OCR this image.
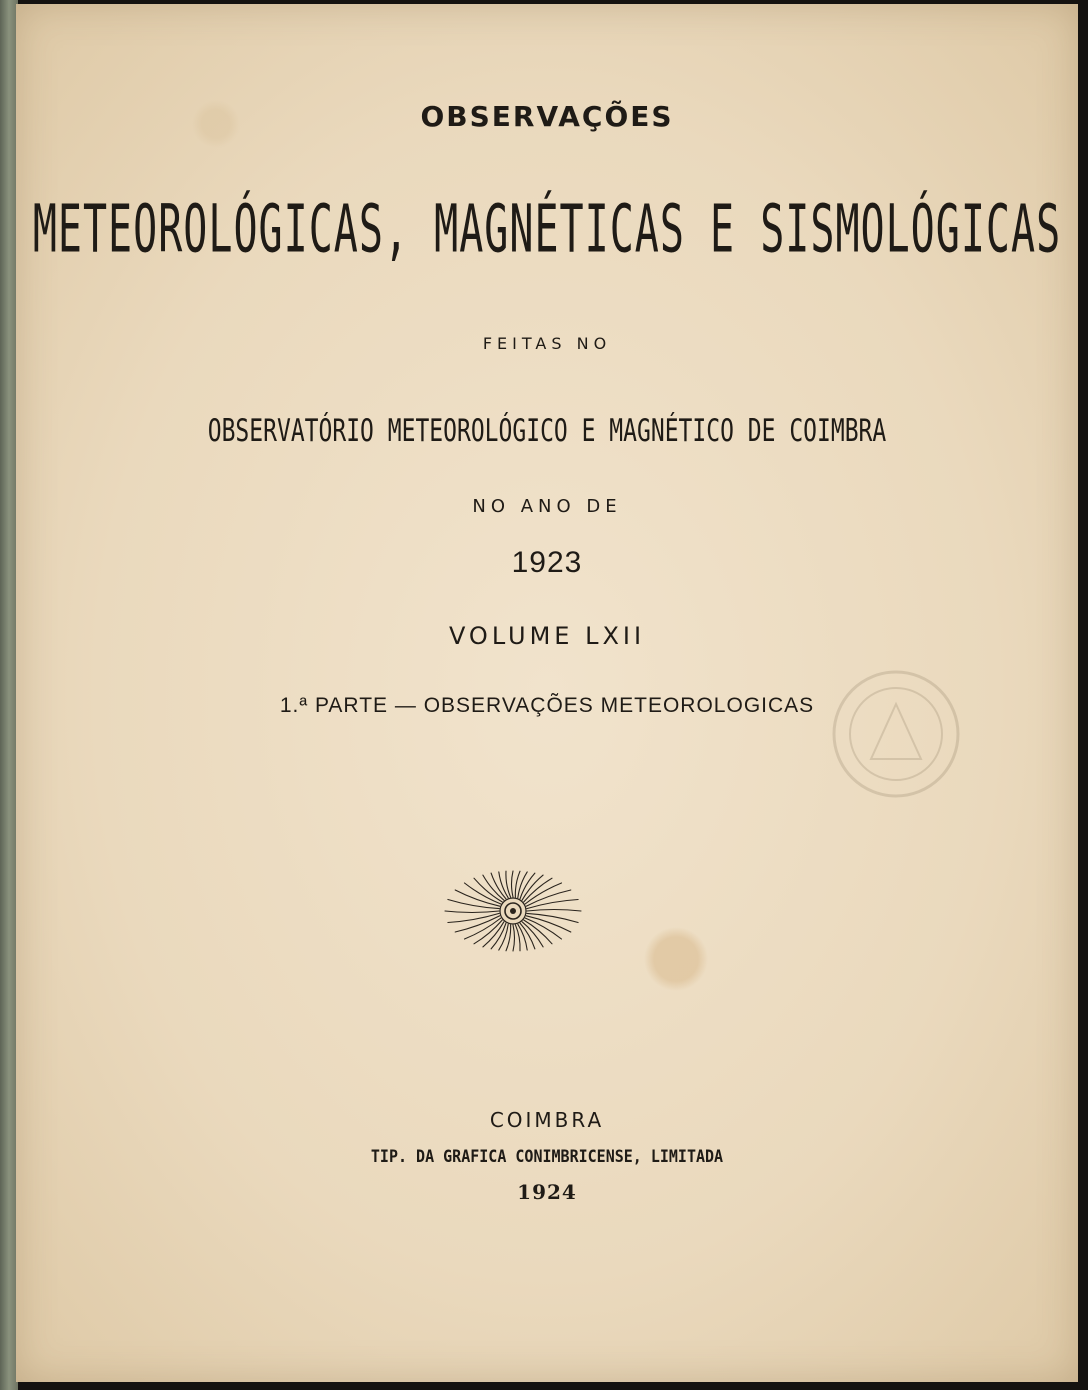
OBSERVAÇÕES
METEOROLÓGICAS, MAGNÉTICAS E SISMOLÓGICAS
FEITAS NO
OBSERVATÓRIO METEOROLÓGICO E MAGNÉTICO DE COIMBRA
NO ANO DE
1923
VOLUME LXII
1.ª PARTE — OBSERVAÇÕES METEOROLOGICAS
COIMBRA
TIP. DA GRAFICA CONIMBRICENSE, LIMITADA
1924
